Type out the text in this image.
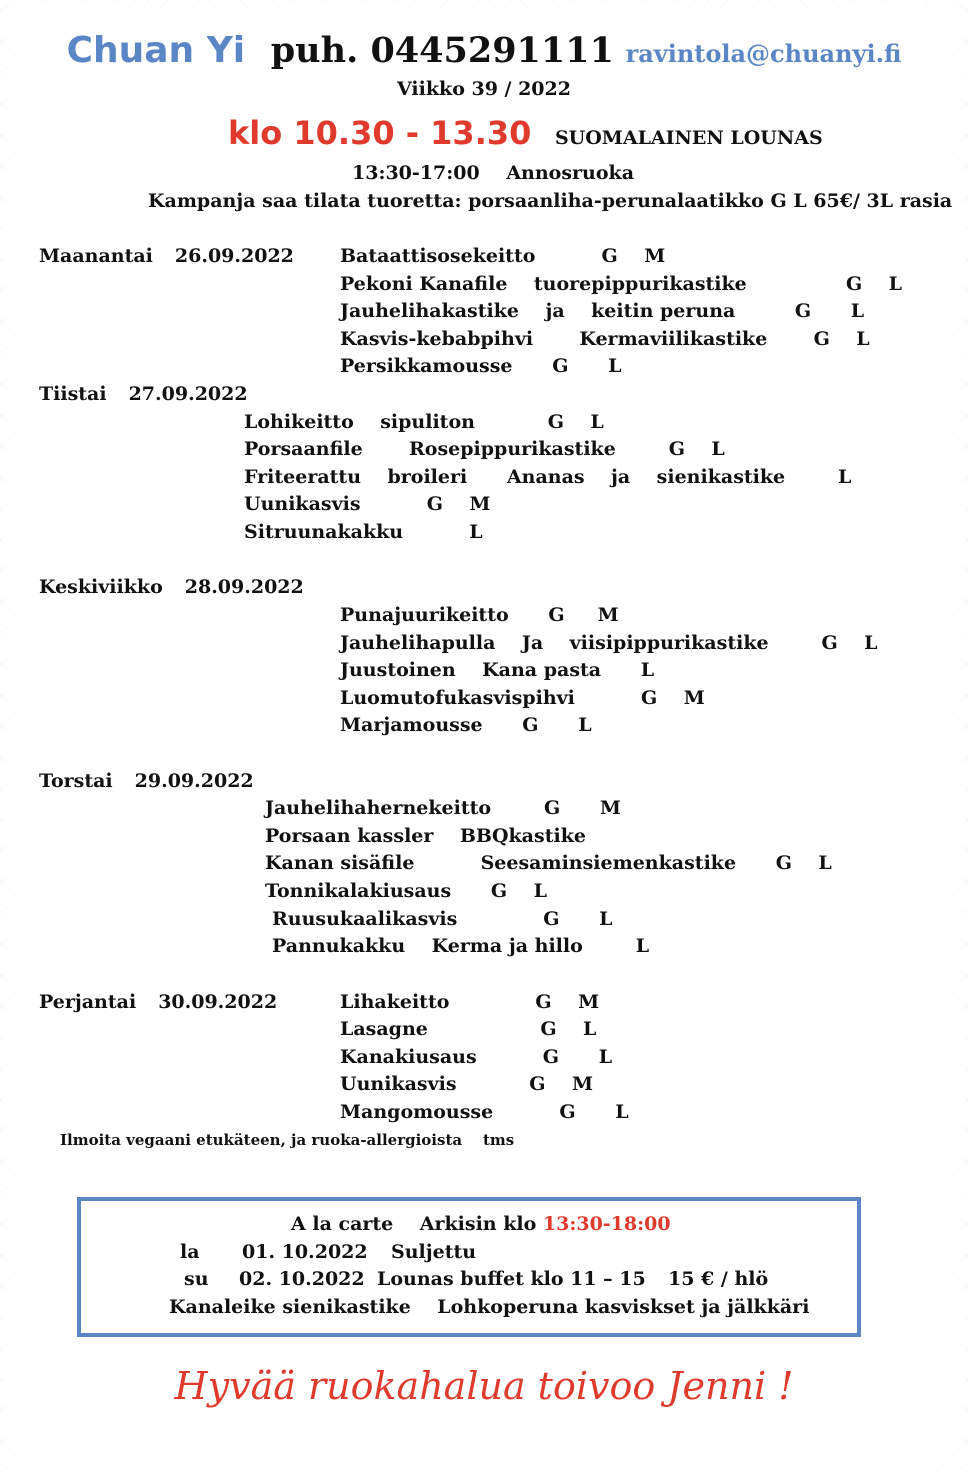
Chuan Yi puh. 0445291111 ravintola@chuanyi.fi
Viikko 39 / 2022
klo 10.30 - 13.30 SUOMALAINEN LOUNAS
13:30-17:00 Annosruoka
Kampanja saa tilata tuoretta: porsaanliha-perunalaatikko G L 65€/ 3L rasia
Maanantai 26.09.2022 Bataattisosekeitto          G    M
Pekoni Kanafile    tuorepippurikastike               G    L
Jauhelihakastike    ja    keitin peruna         G      L
Kasvis-kebabpihvi       Kermaviilikastike       G    L
Persikkamousse      G      L
Tiistai 27.09.2022
Lohikeitto    sipuliton           G    L
Porsaanfile       Rosepippurikastike        G    L
Friteerattu    broileri      Ananas    ja    sienikastike        L
Uunikasvis          G    M
Sitruunakakku          L
Keskiviikko 28.09.2022
Punajuurikeitto      G     M
Jauhelihapulla    Ja    viisipippurikastike        G    L
Juustoinen    Kana pasta      L
Luomutofukasvispihvi          G    M
Marjamousse      G      L
Torstai 29.09.2022
Jauhelihahernekeitto        G      M
Porsaan kassler    BBQkastike
Kanan sisäfile          Seesaminsiemenkastike      G    L
Tonnikalakiusaus      G    L
Ruusukaalikasvis             G      L
Pannukakku    Kerma ja hillo        L
Perjantai 30.09.2022	Lihakeitto             G    M
Lasagne                 G    L
Kanakiusaus          G      L
Uunikasvis           G    M
Mangomousse          G      L
Ilmoita vegaani etukäteen, ja ruoka-allergioista    tms
A la carte Arkisin klo 13:30-18:00
la 01. 10.2022 Suljettu
su 02. 10.2022 Lounas buffet klo 11 – 15 15 € / hlö
Kanaleike sienikastike    Lohkoperuna kasviskset ja jälkkäri
Hyvää ruokahalua toivoo Jenni !
